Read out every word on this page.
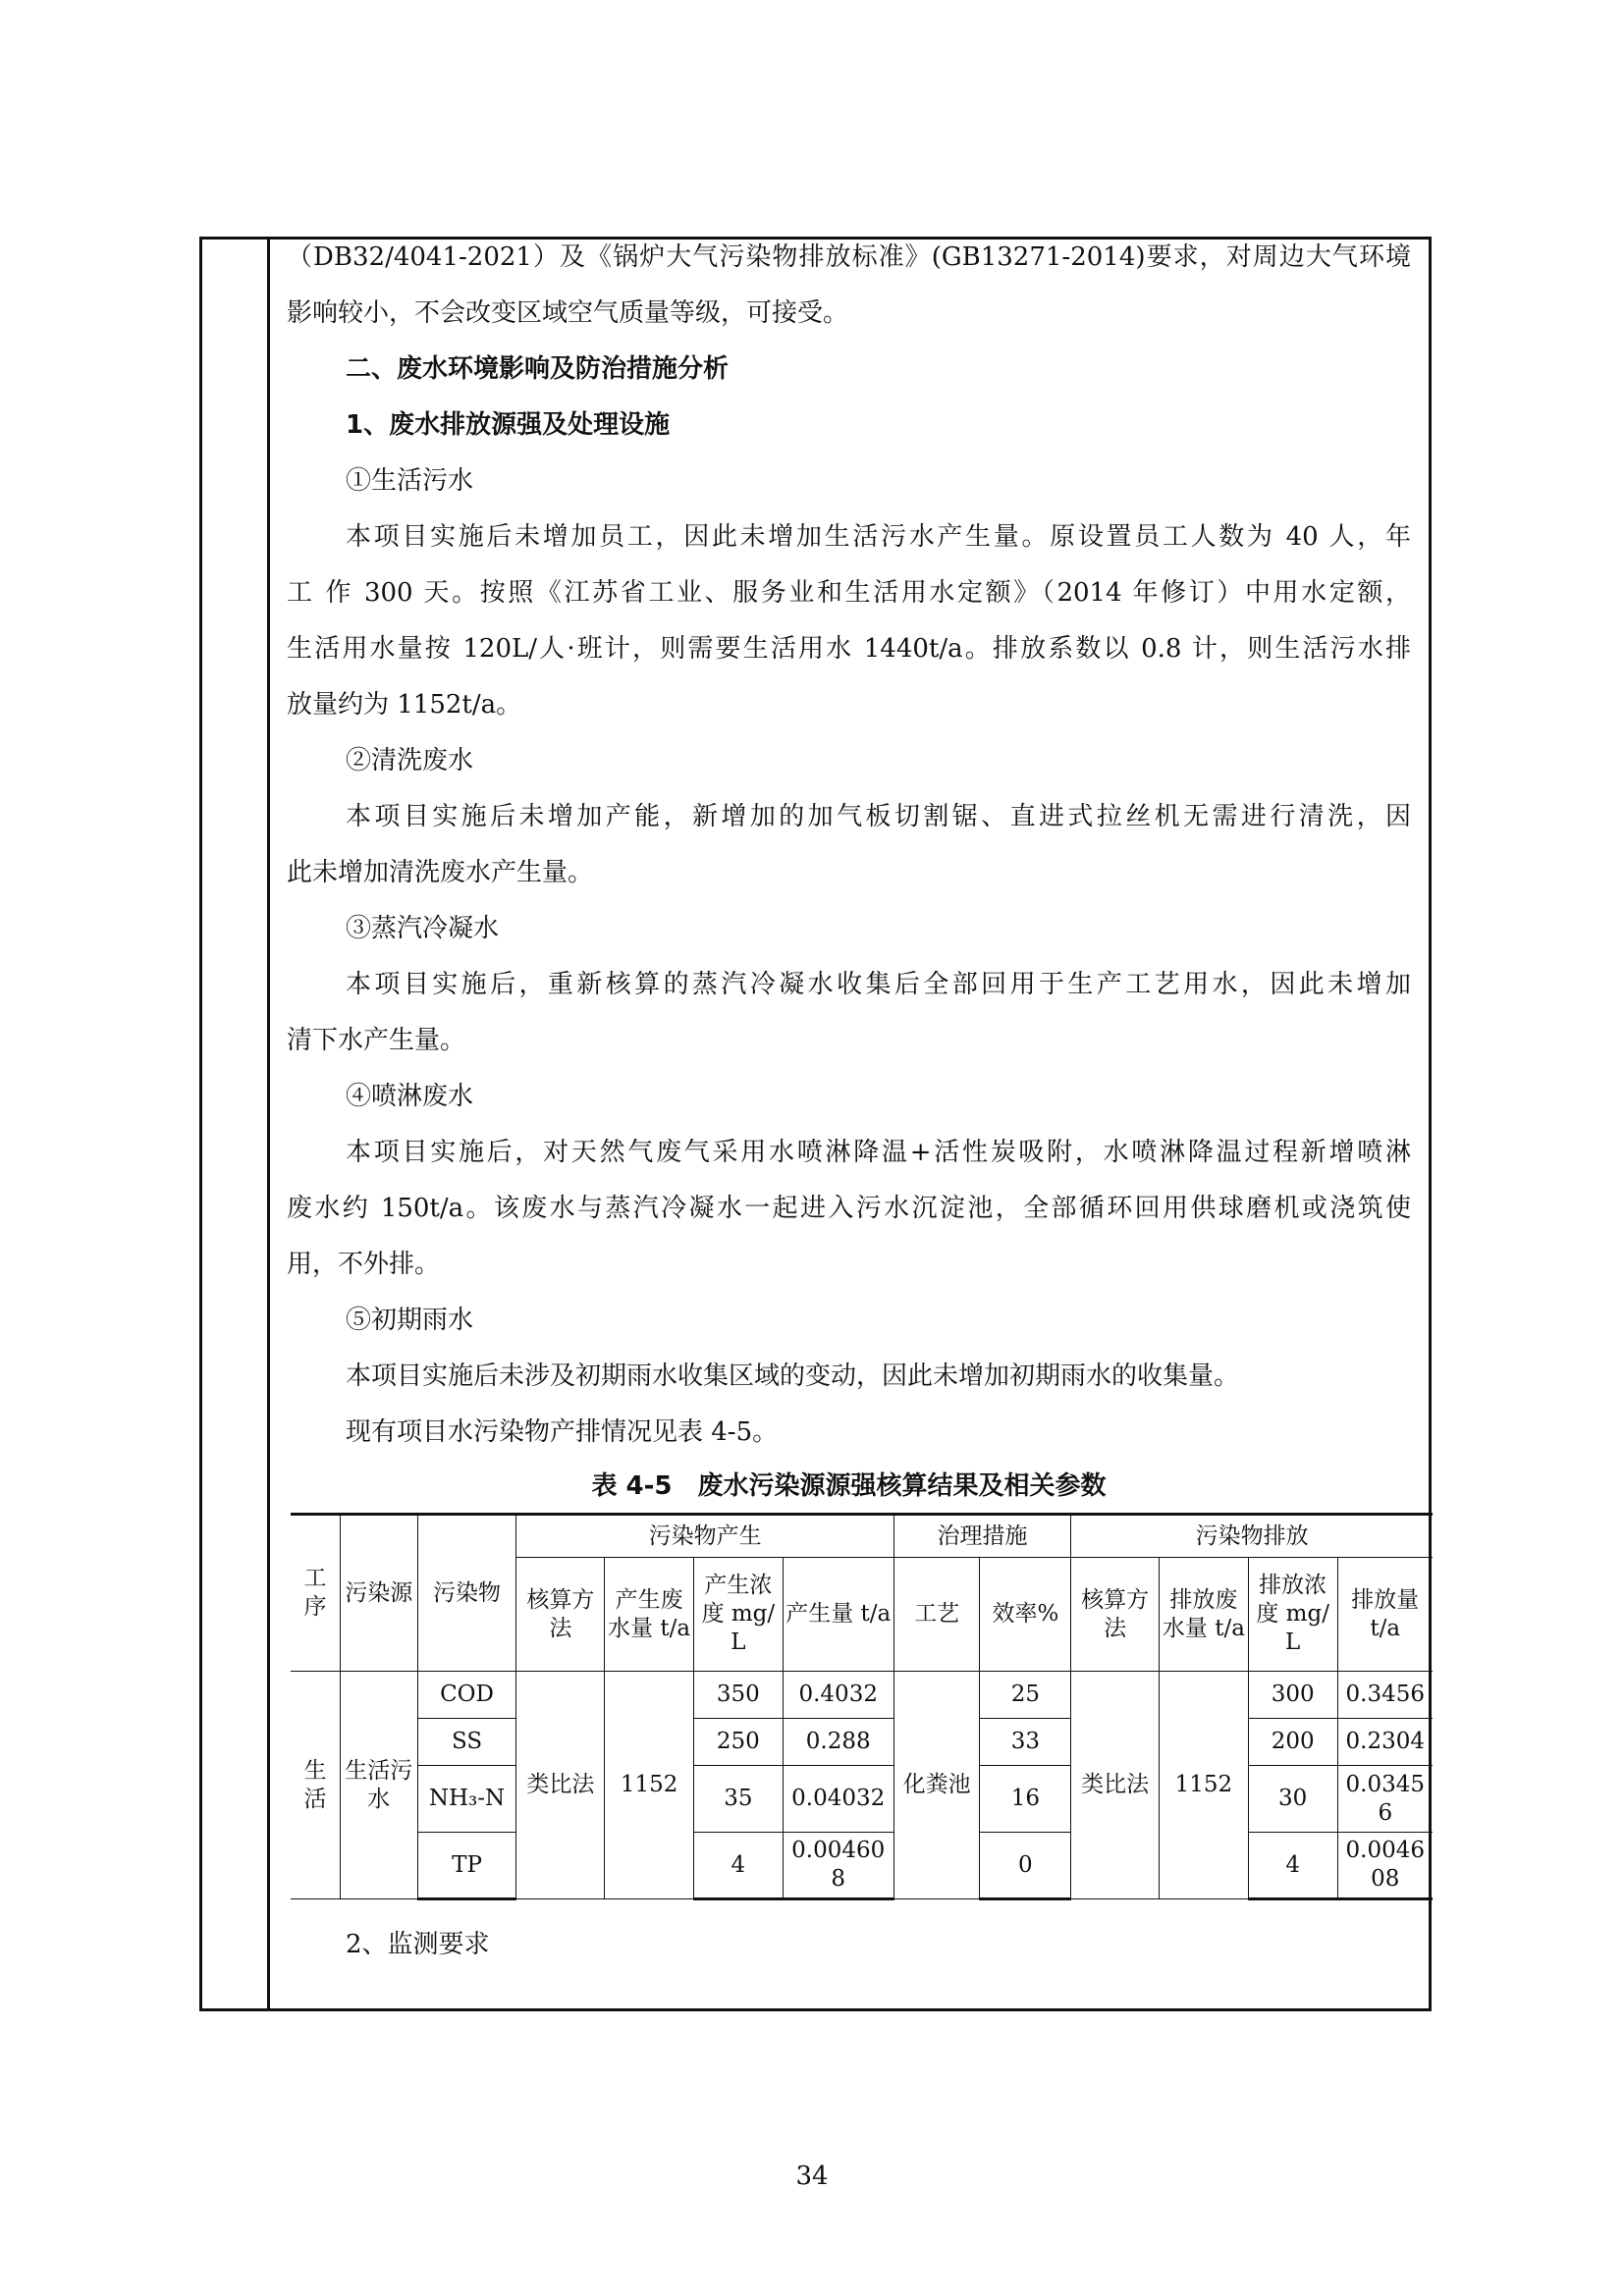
（DB32/4041-2021）及《锅炉大气污染物排放标准》(GB13271-2014)要求，对周边大气环境
影响较小，不会改变区域空气质量等级，可接受。
二、废水环境影响及防治措施分析
1、废水排放源强及处理设施
①生活污水
本项目实施后未增加员工，因此未增加生活污水产生量。原设置员工人数为 40 人，年
工 作 300 天。按照《江苏省工业、服务业和生活用水定额》（2014 年修订）中用水定额，
生活用水量按 120L/人·班计，则需要生活用水 1440t/a。排放系数以 0.8 计，则生活污水排
放量约为 1152t/a。
②清洗废水
本项目实施后未增加产能，新增加的加气板切割锯、直进式拉丝机无需进行清洗，因
此未增加清洗废水产生量。
③蒸汽冷凝水
本项目实施后，重新核算的蒸汽冷凝水收集后全部回用于生产工艺用水，因此未增加
清下水产生量。
④喷淋废水
本项目实施后，对天然气废气采用水喷淋降温+活性炭吸附，水喷淋降温过程新增喷淋
废水约 150t/a。该废水与蒸汽冷凝水一起进入污水沉淀池，全部循环回用供球磨机或浇筑使
用，不外排。
⑤初期雨水
本项目实施后未涉及初期雨水收集区域的变动，因此未增加初期雨水的收集量。
现有项目水污染物产排情况见表 4-5。
表 4-5　废水污染源源强核算结果及相关参数
工序	污染源	污染物	污染物产生				治理措施		污染物排放			
			核算方法	产生废水量 t/a	产生浓度 mg/L	产生量 t/a	工艺	效率%	核算方法	排放废水量 t/a	排放浓度 mg/L	排放量 t/a
生活	生活污水	COD	类比法	1152	350	0.4032	化粪池	25	类比法	1152	300	0.3456
		SS			250	0.288		33			200	0.2304
		NH₃-N			35	0.04032		16			30	0.03456
		TP			4	0.004608		0			4	0.004608
2、监测要求
34
